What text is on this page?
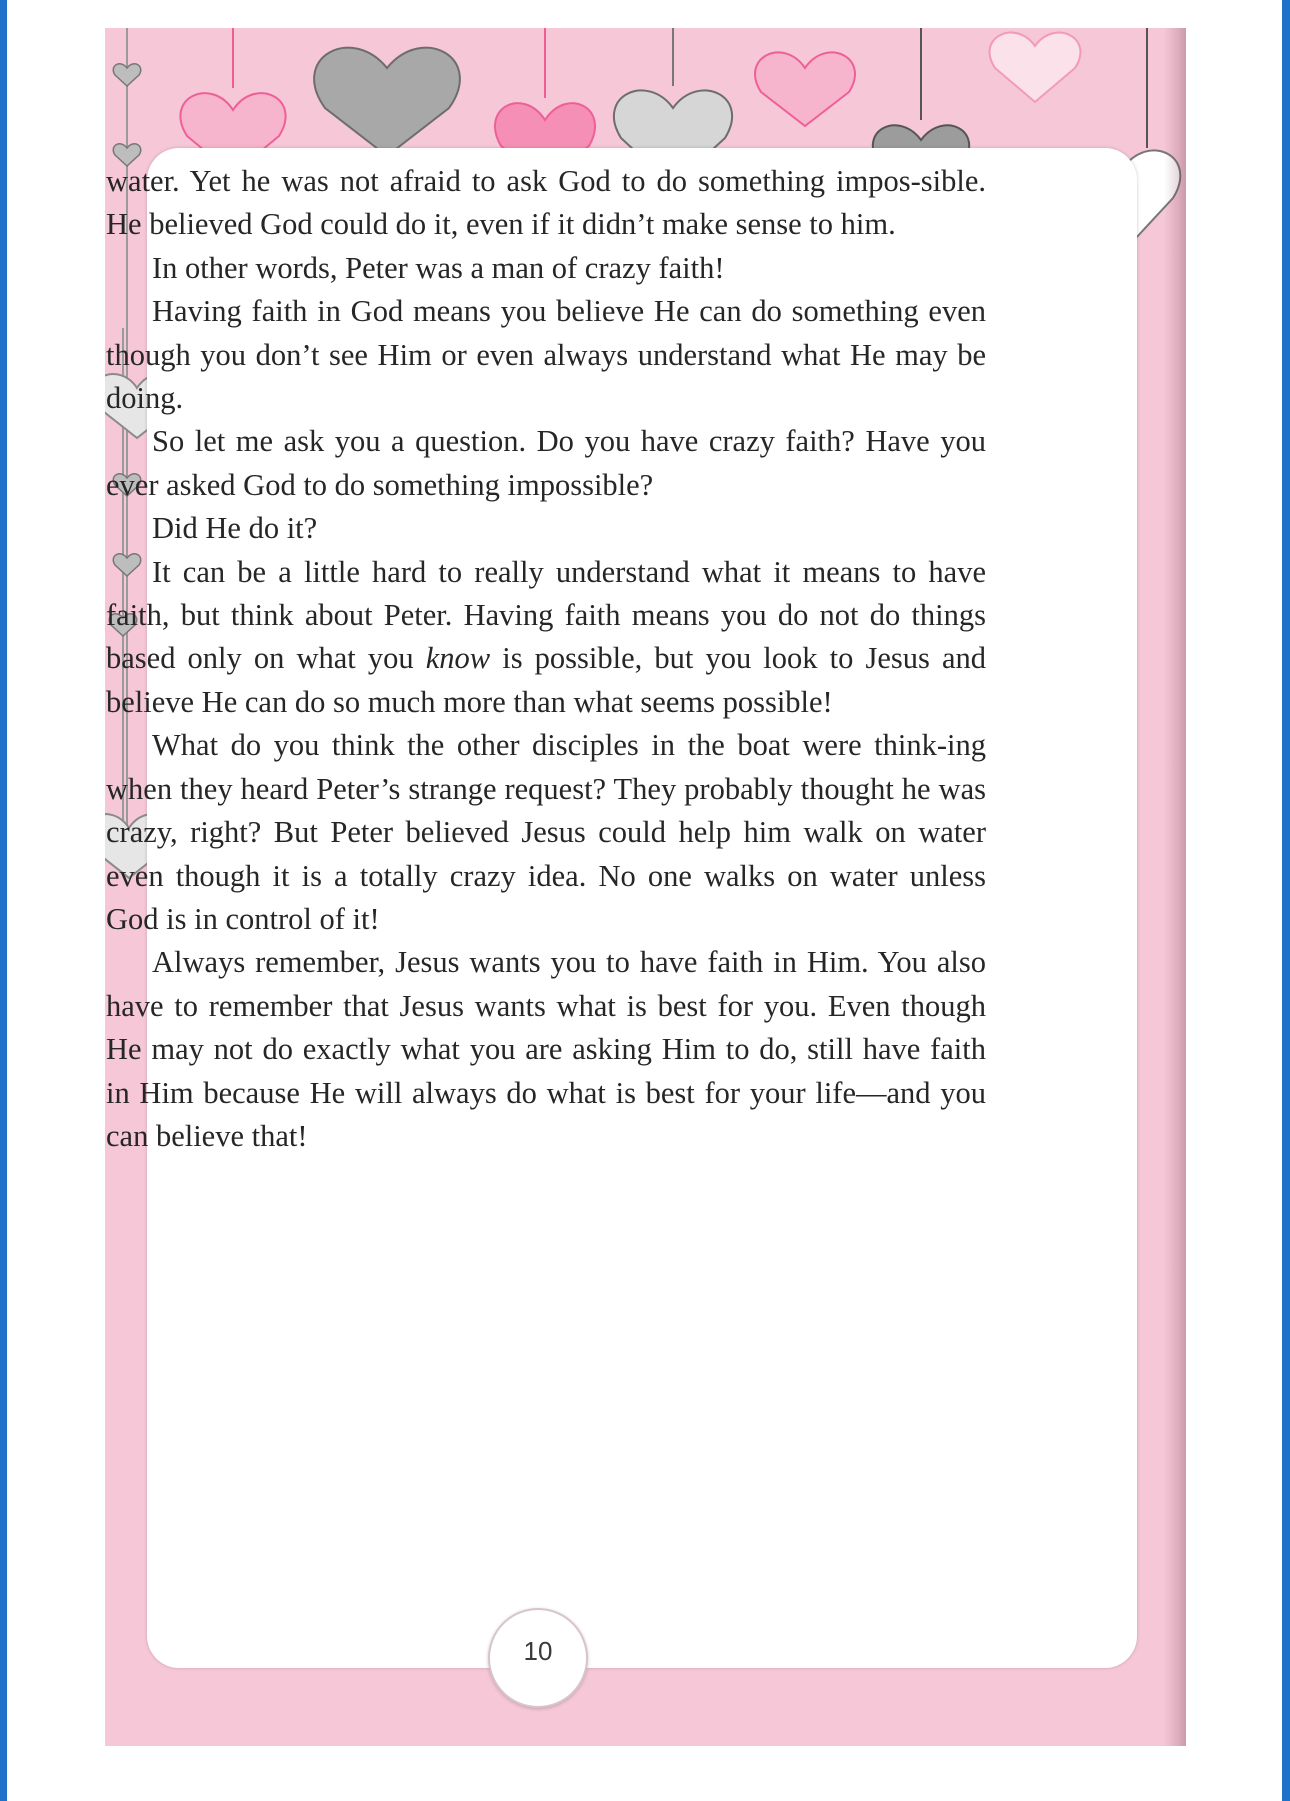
water. Yet he was not afraid to ask God to do something impos-sible. He believed God could do it, even if it didn’t make sense to him.

In other words, Peter was a man of crazy faith!

Having faith in God means you believe He can do something even though you don’t see Him or even always understand what He may be doing.

So let me ask you a question. Do you have crazy faith? Have you ever asked God to do something impossible?

Did He do it?

It can be a little hard to really understand what it means to have faith, but think about Peter. Having faith means you do not do things based only on what you know is possible, but you look to Jesus and believe He can do so much more than what seems possible!

What do you think the other disciples in the boat were think-ing when they heard Peter’s strange request? They probably thought he was crazy, right? But Peter believed Jesus could help him walk on water even though it is a totally crazy idea. No one walks on water unless God is in control of it!

Always remember, Jesus wants you to have faith in Him. You also have to remember that Jesus wants what is best for you. Even though He may not do exactly what you are asking Him to do, still have faith in Him because He will always do what is best for your life—and you can believe that!

10
